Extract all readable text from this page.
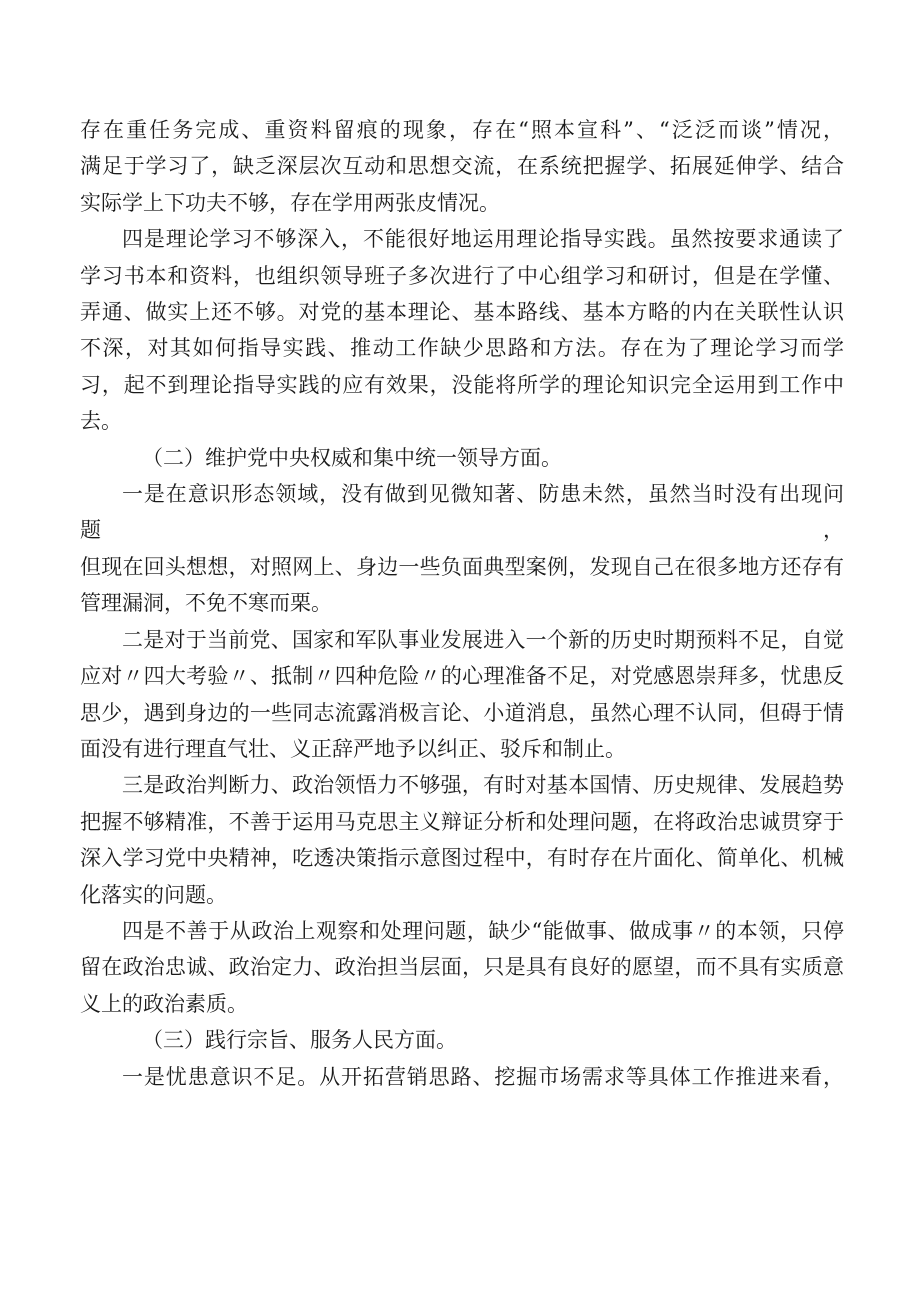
存在重任务完成、重资料留痕的现象，存在“照本宣科”、“泛泛而谈”情况，

满足于学习了，缺乏深层次互动和思想交流，在系统把握学、拓展延伸学、结合

实际学上下功夫不够，存在学用两张皮情况。

四是理论学习不够深入，不能很好地运用理论指导实践。虽然按要求通读了

学习书本和资料，也组织领导班子多次进行了中心组学习和研讨，但是在学懂、

弄通、做实上还不够。对党的基本理论、基本路线、基本方略的内在关联性认识

不深，对其如何指导实践、推动工作缺少思路和方法。存在为了理论学习而学

习，起不到理论指导实践的应有效果，没能将所学的理论知识完全运用到工作中

去。

（二）维护党中央权威和集中统一领导方面。

一是在意识形态领域，没有做到见微知著、防患未然，虽然当时没有出现问题，

但现在回头想想，对照网上、身边一些负面典型案例，发现自己在很多地方还存有

管理漏洞，不免不寒而栗。

二是对于当前党、国家和军队事业发展进入一个新的历史时期预料不足，自觉

应对〃四大考验〃、抵制〃四种危险〃的心理准备不足，对党感恩崇拜多，忧患反

思少，遇到身边的一些同志流露消极言论、小道消息，虽然心理不认同，但碍于情

面没有进行理直气壮、义正辞严地予以纠正、驳斥和制止。

三是政治判断力、政治领悟力不够强，有时对基本国情、历史规律、发展趋势

把握不够精准，不善于运用马克思主义辩证分析和处理问题，在将政治忠诚贯穿于

深入学习党中央精神，吃透决策指示意图过程中，有时存在片面化、简单化、机械

化落实的问题。

四是不善于从政治上观察和处理问题，缺少“能做事、做成事〃的本领，只停

留在政治忠诚、政治定力、政治担当层面，只是具有良好的愿望，而不具有实质意

义上的政治素质。

（三）践行宗旨、服务人民方面。

一是忧患意识不足。从开拓营销思路、挖掘市场需求等具体工作推进来看，
